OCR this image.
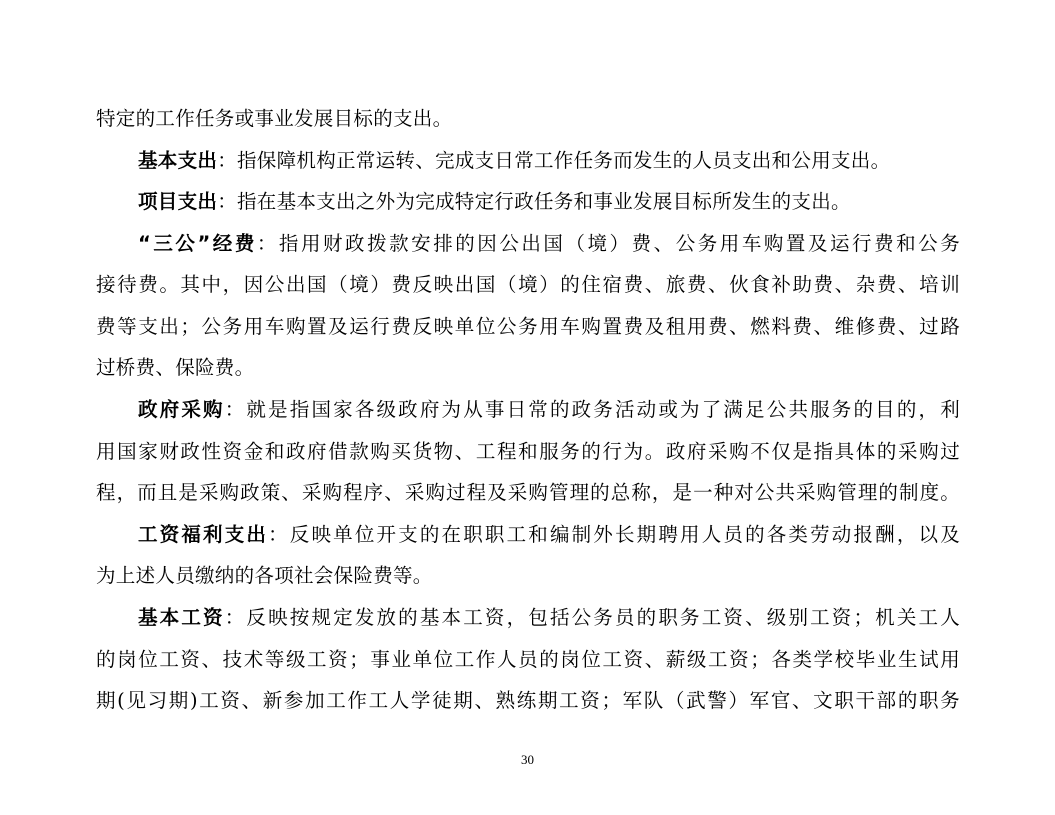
特定的工作任务或事业发展目标的支出。
基本支出：指保障机构正常运转、完成支日常工作任务而发生的人员支出和公用支出。
项目支出：指在基本支出之外为完成特定行政任务和事业发展目标所发生的支出。
“三公”经费：指用财政拨款安排的因公出国（境）费、公务用车购置及运行费和公务
接待费。其中，因公出国（境）费反映出国（境）的住宿费、旅费、伙食补助费、杂费、培训
费等支出；公务用车购置及运行费反映单位公务用车购置费及租用费、燃料费、维修费、过路
过桥费、保险费。
政府采购：就是指国家各级政府为从事日常的政务活动或为了满足公共服务的目的，利
用国家财政性资金和政府借款购买货物、工程和服务的行为。政府采购不仅是指具体的采购过
程，而且是采购政策、采购程序、采购过程及采购管理的总称，是一种对公共采购管理的制度。
工资福利支出：反映单位开支的在职职工和编制外长期聘用人员的各类劳动报酬，以及
为上述人员缴纳的各项社会保险费等。
基本工资：反映按规定发放的基本工资，包括公务员的职务工资、级别工资；机关工人
的岗位工资、技术等级工资；事业单位工作人员的岗位工资、薪级工资；各类学校毕业生试用
期(见习期)工资、新参加工作工人学徒期、熟练期工资；军队（武警）军官、文职干部的职务
30
